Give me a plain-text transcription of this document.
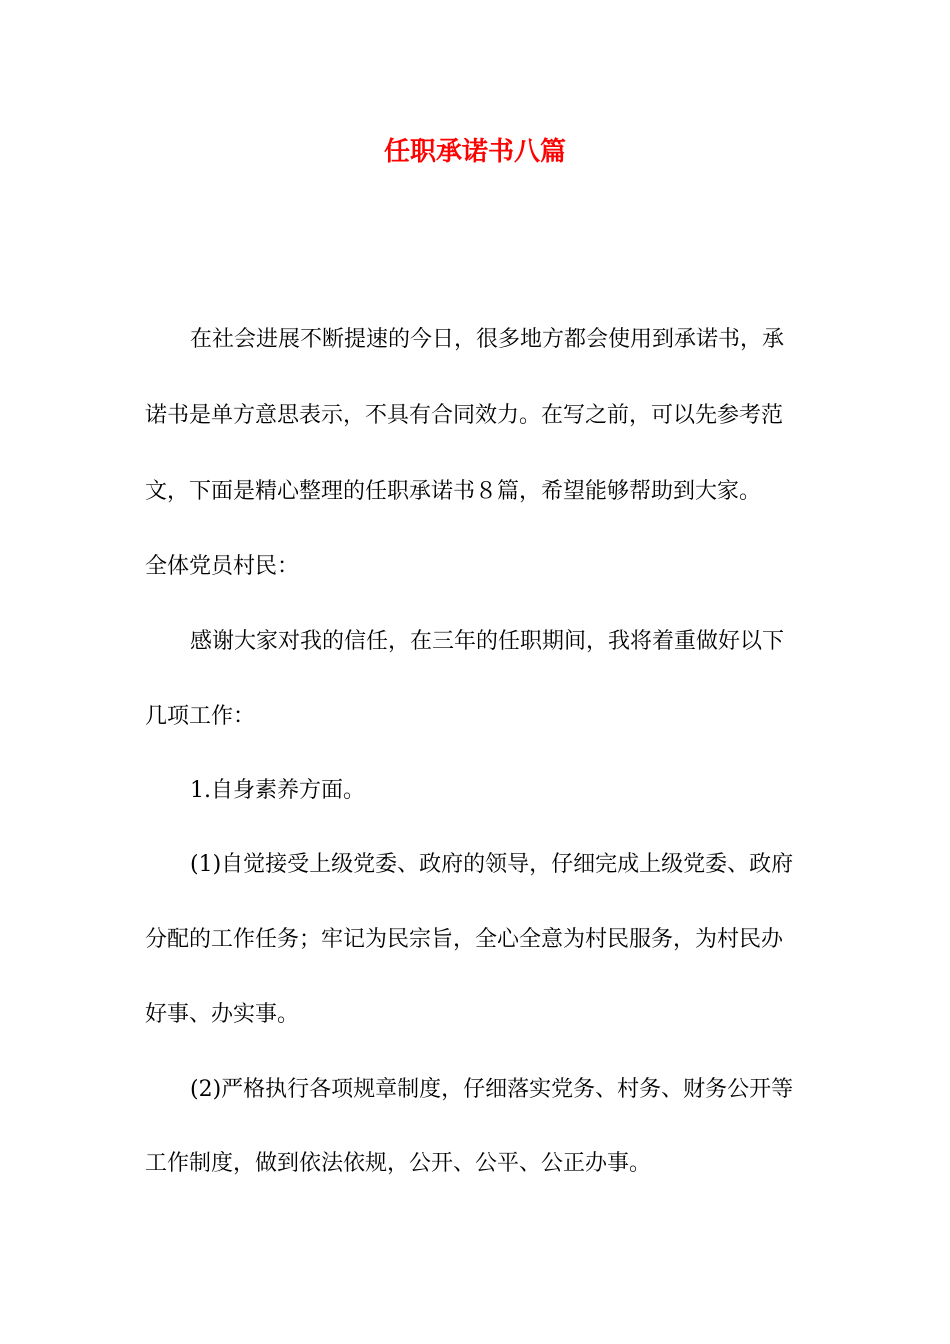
任职承诺书八篇
在社会进展不断提速的今日，很多地方都会使用到承诺书，承
诺书是单方意思表示，不具有合同效力。在写之前，可以先参考范
文，下面是精心整理的任职承诺书８篇，希望能够帮助到大家。
全体党员村民：
感谢大家对我的信任，在三年的任职期间，我将着重做好以下
几项工作：
1.自身素养方面。
(1)自觉接受上级党委、政府的领导，仔细完成上级党委、政府
分配的工作任务；牢记为民宗旨，全心全意为村民服务，为村民办
好事、办实事。
(2)严格执行各项规章制度，仔细落实党务、村务、财务公开等
工作制度，做到依法依规，公开、公平、公正办事。
